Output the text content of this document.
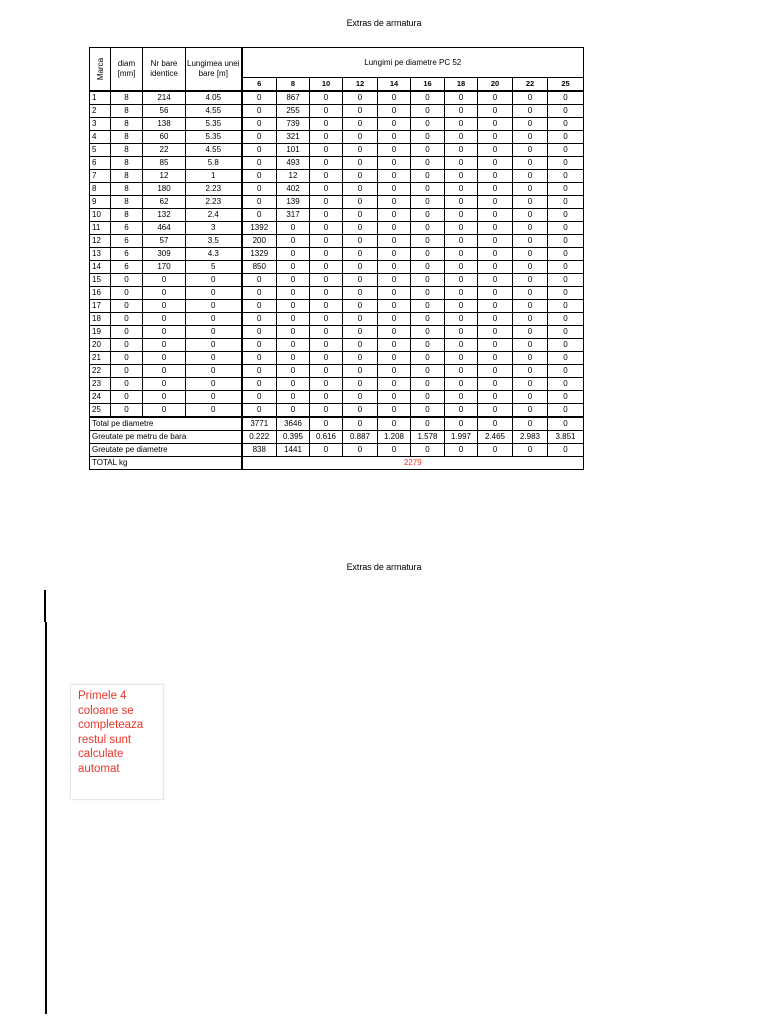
Extras de armatura
Marca	diam [mm]	Nr bare identice	Lungimea unei bare [m]	Lungimi pe diametre PC 52									
				6	8	10	12	14	16	18	20	22	25
1	8	214	4.05	0	867	0	0	0	0	0	0	0	0
2	8	56	4.55	0	255	0	0	0	0	0	0	0	0
3	8	138	5.35	0	739	0	0	0	0	0	0	0	0
4	8	60	5.35	0	321	0	0	0	0	0	0	0	0
5	8	22	4.55	0	101	0	0	0	0	0	0	0	0
6	8	85	5.8	0	493	0	0	0	0	0	0	0	0
7	8	12	1	0	12	0	0	0	0	0	0	0	0
8	8	180	2.23	0	402	0	0	0	0	0	0	0	0
9	8	62	2.23	0	139	0	0	0	0	0	0	0	0
10	8	132	2.4	0	317	0	0	0	0	0	0	0	0
11	6	464	3	1392	0	0	0	0	0	0	0	0	0
12	6	57	3.5	200	0	0	0	0	0	0	0	0	0
13	6	309	4.3	1329	0	0	0	0	0	0	0	0	0
14	6	170	5	850	0	0	0	0	0	0	0	0	0
15	0	0	0	0	0	0	0	0	0	0	0	0	0
16	0	0	0	0	0	0	0	0	0	0	0	0	0
17	0	0	0	0	0	0	0	0	0	0	0	0	0
18	0	0	0	0	0	0	0	0	0	0	0	0	0
19	0	0	0	0	0	0	0	0	0	0	0	0	0
20	0	0	0	0	0	0	0	0	0	0	0	0	0
21	0	0	0	0	0	0	0	0	0	0	0	0	0
22	0	0	0	0	0	0	0	0	0	0	0	0	0
23	0	0	0	0	0	0	0	0	0	0	0	0	0
24	0	0	0	0	0	0	0	0	0	0	0	0	0
25	0	0	0	0	0	0	0	0	0	0	0	0	0
Total pe diametre				3771	3646	0	0	0	0	0	0	0	0
Greutate pe metru de bara				0.222	0.395	0.616	0.887	1.208	1.578	1.997	2.465	2.983	3.851
Greutate pe diametre				838	1441	0	0	0	0	0	0	0	0
TOTAL kg				2279									
Extras de armatura
Primele 4 coloane se completeaza restul sunt calculate automat
